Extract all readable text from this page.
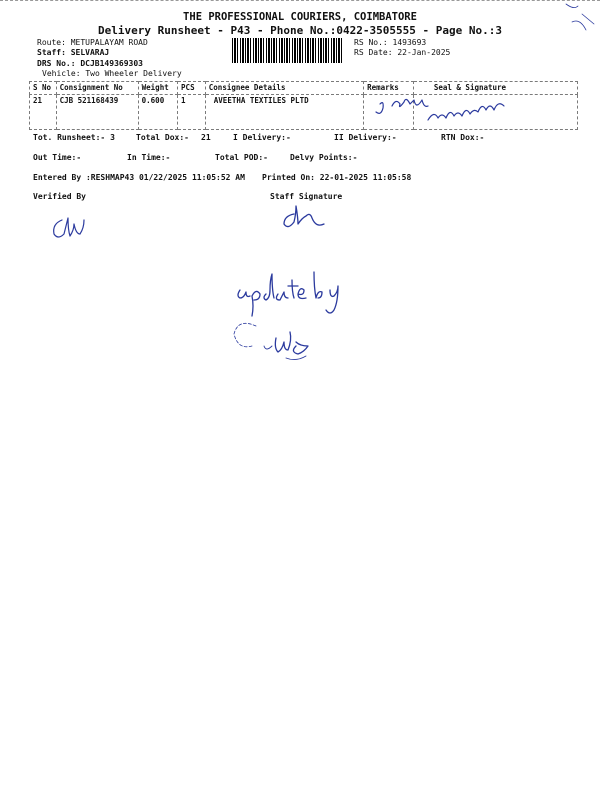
THE PROFESSIONAL COURIERS, COIMBATORE
Delivery Runsheet - P43 - Phone No.:0422-3505555 - Page No.:3
Route: METUPALAYAM ROAD
Staff: SELVARAJ
DRS No.: DCJB149369303
Vehicle: Two Wheeler Delivery
RS No.: 1493693
RS Date: 22-Jan-2025
S No	Consignment No	Weight	PCS	Consignee Details	Remarks	Seal & Signature
21	CJB 521168439	0.600	1	AVEETHA TEXTILES PLTD		
Tot. Runsheet:- 3	Total Dox:- 21	I Delivery:-	II Delivery:-	RTN Dox:-
Out Time:-	In Time:-	Total POD:-	Delvy Points:-
Entered By :RESHMAP43 01/22/2025 11:05:52 AM Printed On: 22-01-2025 11:05:58
Verified By	Staff Signature
